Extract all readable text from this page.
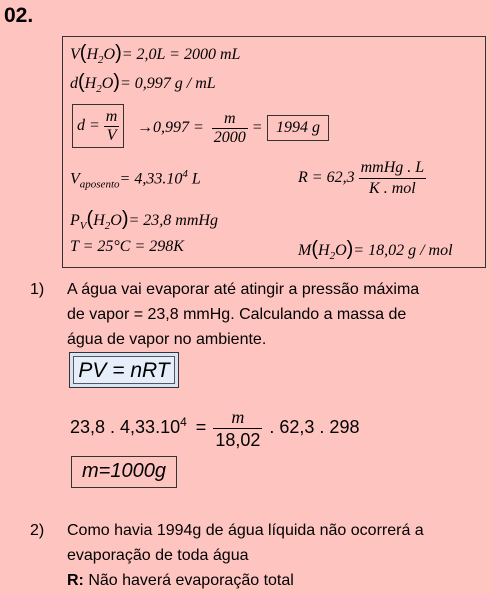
02.
$V(H_2O)= 2,0L = 2000$ mL
$d(H_2O)= 0,997$ g / mL
$d = \frac{m}{V} \to 0,997 = \frac{m}{2000} = 1994$ g
$V_{aposento}= 4,33.10^4$ L	$R = 62,3 \frac{\text{mmHg . L}}{\text{K . mol}}$
$P_V(H_2O)= 23,8$ mmHg
T = 25°C = 298K	$M(H_2O)= 18,02$ g / mol
1) A água vai evaporar até atingir a pressão máxima
de vapor = 23,8 mmHg. Calculando a massa de
água de vapor no ambiente.
PV = nRT
23,8 . $4,33.10^4 = \frac{m}{18,02}$ . 62,3 . 298
m=1000g
2) Como havia 1994g de água líquida não ocorrerá a
evaporação de toda água
R: Não haverá evaporação total
